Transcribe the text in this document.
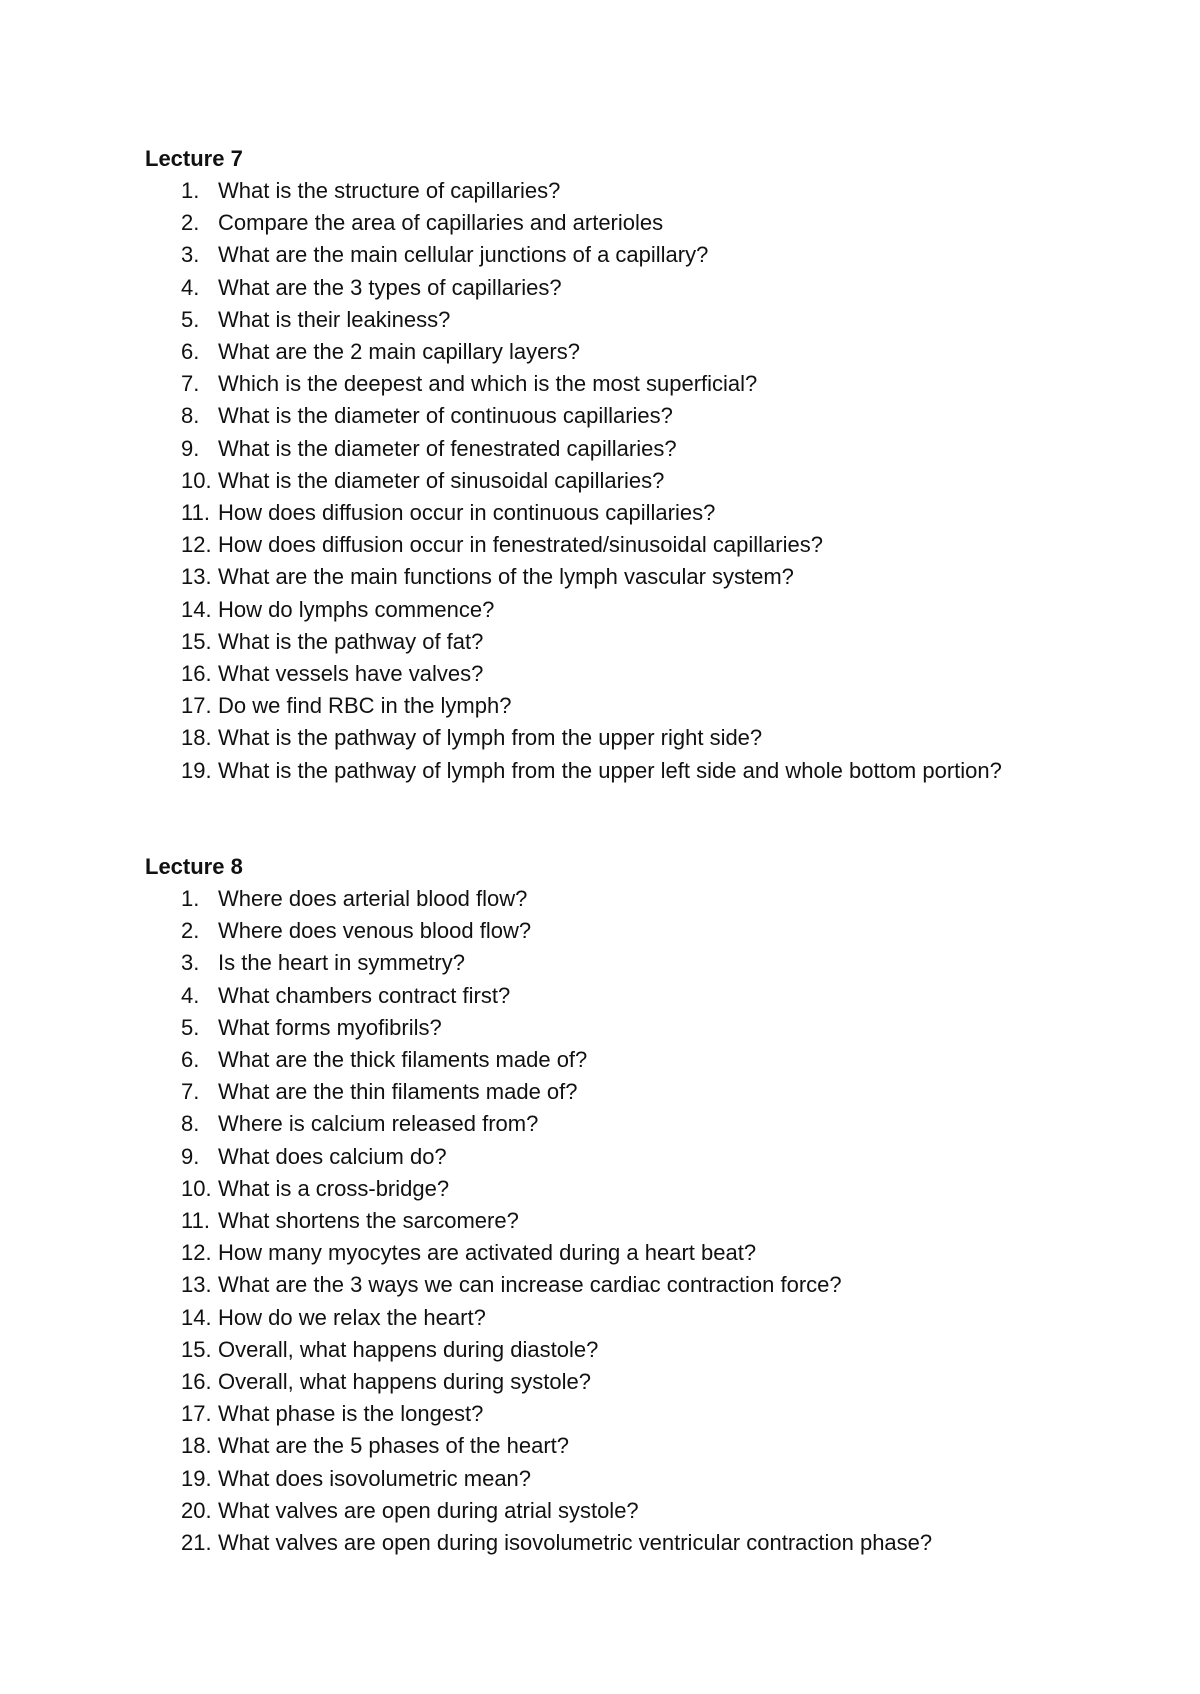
Lecture 7
1. What is the structure of capillaries?
2. Compare the area of capillaries and arterioles
3. What are the main cellular junctions of a capillary?
4. What are the 3 types of capillaries?
5. What is their leakiness?
6. What are the 2 main capillary layers?
7. Which is the deepest and which is the most superficial?
8. What is the diameter of continuous capillaries?
9. What is the diameter of fenestrated capillaries?
10. What is the diameter of sinusoidal capillaries?
11. How does diffusion occur in continuous capillaries?
12. How does diffusion occur in fenestrated/sinusoidal capillaries?
13. What are the main functions of the lymph vascular system?
14. How do lymphs commence?
15. What is the pathway of fat?
16. What vessels have valves?
17. Do we find RBC in the lymph?
18. What is the pathway of lymph from the upper right side?
19. What is the pathway of lymph from the upper left side and whole bottom portion?
Lecture 8
1. Where does arterial blood flow?
2. Where does venous blood flow?
3. Is the heart in symmetry?
4. What chambers contract first?
5. What forms myofibrils?
6. What are the thick filaments made of?
7. What are the thin filaments made of?
8. Where is calcium released from?
9. What does calcium do?
10. What is a cross-bridge?
11. What shortens the sarcomere?
12. How many myocytes are activated during a heart beat?
13. What are the 3 ways we can increase cardiac contraction force?
14. How do we relax the heart?
15. Overall, what happens during diastole?
16. Overall, what happens during systole?
17. What phase is the longest?
18. What are the 5 phases of the heart?
19. What does isovolumetric mean?
20. What valves are open during atrial systole?
21. What valves are open during isovolumetric ventricular contraction phase?
